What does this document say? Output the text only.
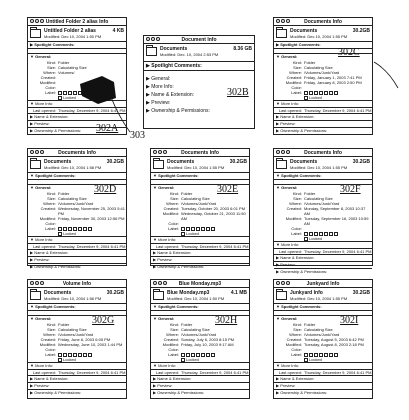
Untitled Folder 2 alias Info
Untitled Folder 2 alias	4 KB
Modified: Dec 10, 2004 1:50 PM
▶ Spotlight Comments:
▼ General:
Kind: Folder
Size: Calculating Size
Where: Volumes/
Created:
Modified:
Color:
Label:
Locked
▼ More Info:
Last opened: Thursday, December 9, 2004 6:41 PM
▶ Name & Extension:
▶ Preview:
▶ Ownership & Permissions:	302A
303
Document Info
Documents	8.36 GB
Modified: Dec. 10, 2004 2:53 PM
▶ Spotlight Comments:
▶ General:
▶ More Info:
▶ Name & Extension:
▶ Preview:
▶ Ownership & Permissions:
302B
Documents Info
Documents	30.2GB
Modified: Dec 10, 2004 1:55 PM
▶ Spotlight Comments:
▼ General:
Kind: Folder
Size: Calculating Size
Where: /Volumes/Junk/Yard
Created: Friday, January 1, 2003 7:41 PM
Modified: Friday, January 8, 2003 2:50 PM
Color:
Label:
Locked
▼ More Info:
Last opened: Thursday, December 9, 2004 6:41 PM
▶ Name & Extension:
▶ Preview:
▶ Ownership & Permissions:
302C
Documents Info
Documents	30.2GB
Modified: Dec 10, 2004 1:58 PM
▼ Spotlight Comments:
▼ General:
Kind: Folder
Size: Calculating Size
Where: /Volumes/Junk/Yard
Created: Wednesday, November 25, 2003 5:41 PM
Modified: Friday, November 30, 2003 12:56 PM
Color:
Label:
Locked
▼ More Info:
Last opened: Thursday, December 9, 2004 6:41 PM
▶ Name & Extension:
▶ Preview:
▶ Ownership & Permissions:
302D
Documents Info
Documents	30.2GB
Modified: Dec 10, 2004 1:55 PM
▼ Spotlight Comments:
▼ General:
Kind: Folder
Size: Calculating Size
Where: /Volumes/Junk/Yard
Created: Tuesday, October 20, 2003 6:01 PM
Modified: Wednesday, October 21, 2003 11:50 AM
Color:
Label:
Locked
▼ More Info:
Last opened: Thursday, December 9, 2004 6:41 PM
▶ Name & Extension:
▶ Preview:
▶ Ownership & Permissions:
302E
Documents Info
Documents	30.2GB
Modified: Dec 10, 2004 1:55 PM
▼ Spotlight Comments:
▼ General:
Kind: Folder
Size: Calculating Size
Where: /Volumes/Junk/Yard
Created: Monday, September 8, 2003 10:37 AM
Modified: Tuesday, September 16, 2003 10:59 AM
Color:
Label:
Locked
▼ More Info:
Last opened: Thursday, December 9, 2004 6:41 PM
▶ Name & Extension:
▶ Preview:
▶ Ownership & Permissions:
302F
Volume Info
Documents	30.2GB
Modified: Dec 10, 2004 1:56 PM
▼ Spotlight Comments:
▼ General:
Kind: Folder
Size: Calculating Size
Where: /Volumes/Junk/Yard
Created: Friday, June 6, 2003 6:05 PM
Modified: Wednesday, June 10, 2003 1:44 PM
Color:
Label:
Locked
▼ More Info:
Last opened: Thursday, December 9, 2004 6:41 PM
▶ Name & Extension:
▶ Preview:
▶ Ownership & Permissions:
302G
Blue Monday.mp3
Blue Monday.mp3	4.1 MB
Modified: Dec 10, 2004 1:50 PM
▼ Spotlight Comments:
▼ General:
Kind: Folder
Size: Calculating Size
Where: /Volumes/Junk/Yard
Created: Sunday, July 6, 2003 8:15 PM
Modified: Friday, July 10, 2003 9:17 AM
Color:
Label:
Locked
▼ More Info:
Last opened: Thursday, December 9, 2004 6:41 PM
▶ Name & Extension:
▶ Preview:
▶ Ownership & Permissions:
302H
Junkyard Info
Junkyard Info	30.2GB
Modified: Dec 10, 2004 1:55 PM
▼ Spotlight Comments:
▼ General:
Kind: Folder
Size: Calculating Size
Where: /Volumes/Junk/Yard
Created: Tuesday, August 5, 2003 6:42 PM
Modified: Tuesday, August 8, 2003 2:18 PM
Color:
Label:
Locked
▼ More Info:
Last opened: Thursday, December 9, 2004 6:41 PM
▶ Name & Extension:
▶ Preview:
▶ Ownership & Permissions:
302I
